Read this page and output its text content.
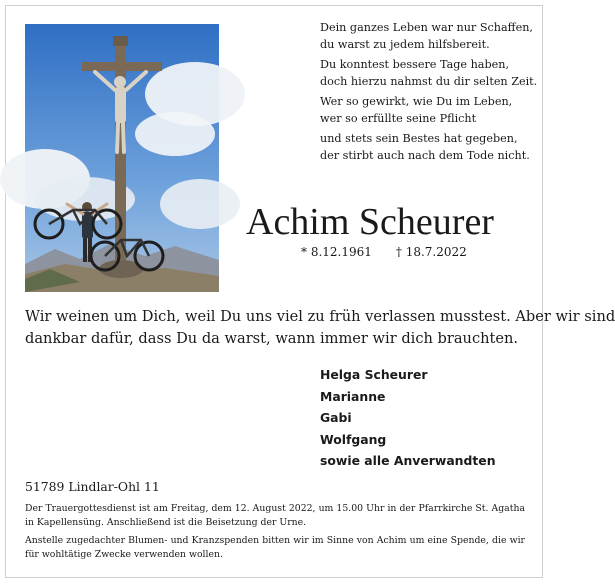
Dein ganzes Leben war nur Schaffen,
du warst zu jedem hilfsbereit.
Du konntest bessere Tage haben,
doch hierzu nahmst du dir selten Zeit.
Wer so gewirkt, wie Du im Leben,
wer so erfüllte seine Pflicht
und stets sein Bestes hat gegeben,
der stirbt auch nach dem Tode nicht.
Achim Scheurer
* 8.12.1961 † 18.7.2022
Wir weinen um Dich, weil Du uns viel zu früh verlassen musstest. Aber wir sind
dankbar dafür, dass Du da warst, wann immer wir dich brauchten.
Helga Scheurer
Marianne
Gabi
Wolfgang
sowie alle Anverwandten
51789 Lindlar-Ohl 11

Der Trauergottesdienst ist am Freitag, dem 12. August 2022, um 15.00 Uhr in der Pfarrkirche St. Agatha in Kapellensüng. Anschließend ist die Beisetzung der Urne.

Anstelle zugedachter Blumen- und Kranzspenden bitten wir im Sinne von Achim um eine Spende, die wir für wohltätige Zwecke verwenden wollen.
